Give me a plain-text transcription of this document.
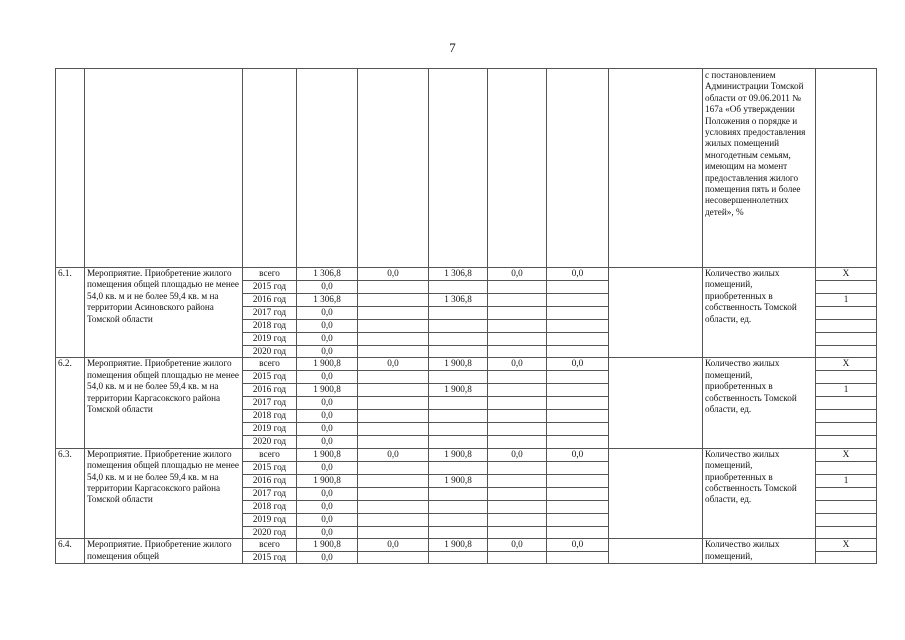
7

									с постановлением Администрации Томской области от 09.06.2011 № 167а «Об утверждении Положения о порядке и условиях предоставления жилых помещений многодетным семьям, имеющим на момент предоставления жилого помещения пять и более несовершеннолетних детей», %	

6.1.	Мероприятие. Приобретение жилого помещения общей площадью не менее 54,0 кв. м и не более 59,4 кв. м на территории Асиновского района Томской области	всего	1 306,8	0,0	1 306,8	0,0	0,0		Количество жилых помещений, приобретенных в собственность Томской области, ед.	X
		2015 год	0,0							
		2016 год	1 306,8		1 306,8					1
		2017 год	0,0							
		2018 год	0,0							
		2019 год	0,0							
		2020 год	0,0							
6.2.	Мероприятие. Приобретение жилого помещения общей площадью не менее 54,0 кв. м и не более 59,4 кв. м на территории Каргасокского района Томской области	всего	1 900,8	0,0	1 900,8	0,0	0,0		Количество жилых помещений, приобретенных в собственность Томской области, ед.	X
		2015 год	0,0							
		2016 год	1 900,8		1 900,8					1
		2017 год	0,0							
		2018 год	0,0							
		2019 год	0,0							
		2020 год	0,0							
6.3.	Мероприятие. Приобретение жилого помещения общей площадью не менее 54,0 кв. м и не более 59,4 кв. м на территории Каргасокского района Томской области	всего	1 900,8	0,0	1 900,8	0,0	0,0		Количество жилых помещений, приобретенных в собственность Томской области, ед.	X
		2015 год	0,0							
		2016 год	1 900,8		1 900,8					1
		2017 год	0,0							
		2018 год	0,0							
		2019 год	0,0							
		2020 год	0,0							
6.4.	Мероприятие. Приобретение жилого помещения общей	всего	1 900,8	0,0	1 900,8	0,0	0,0		Количество жилых помещений,	X
		2015 год	0,0							
